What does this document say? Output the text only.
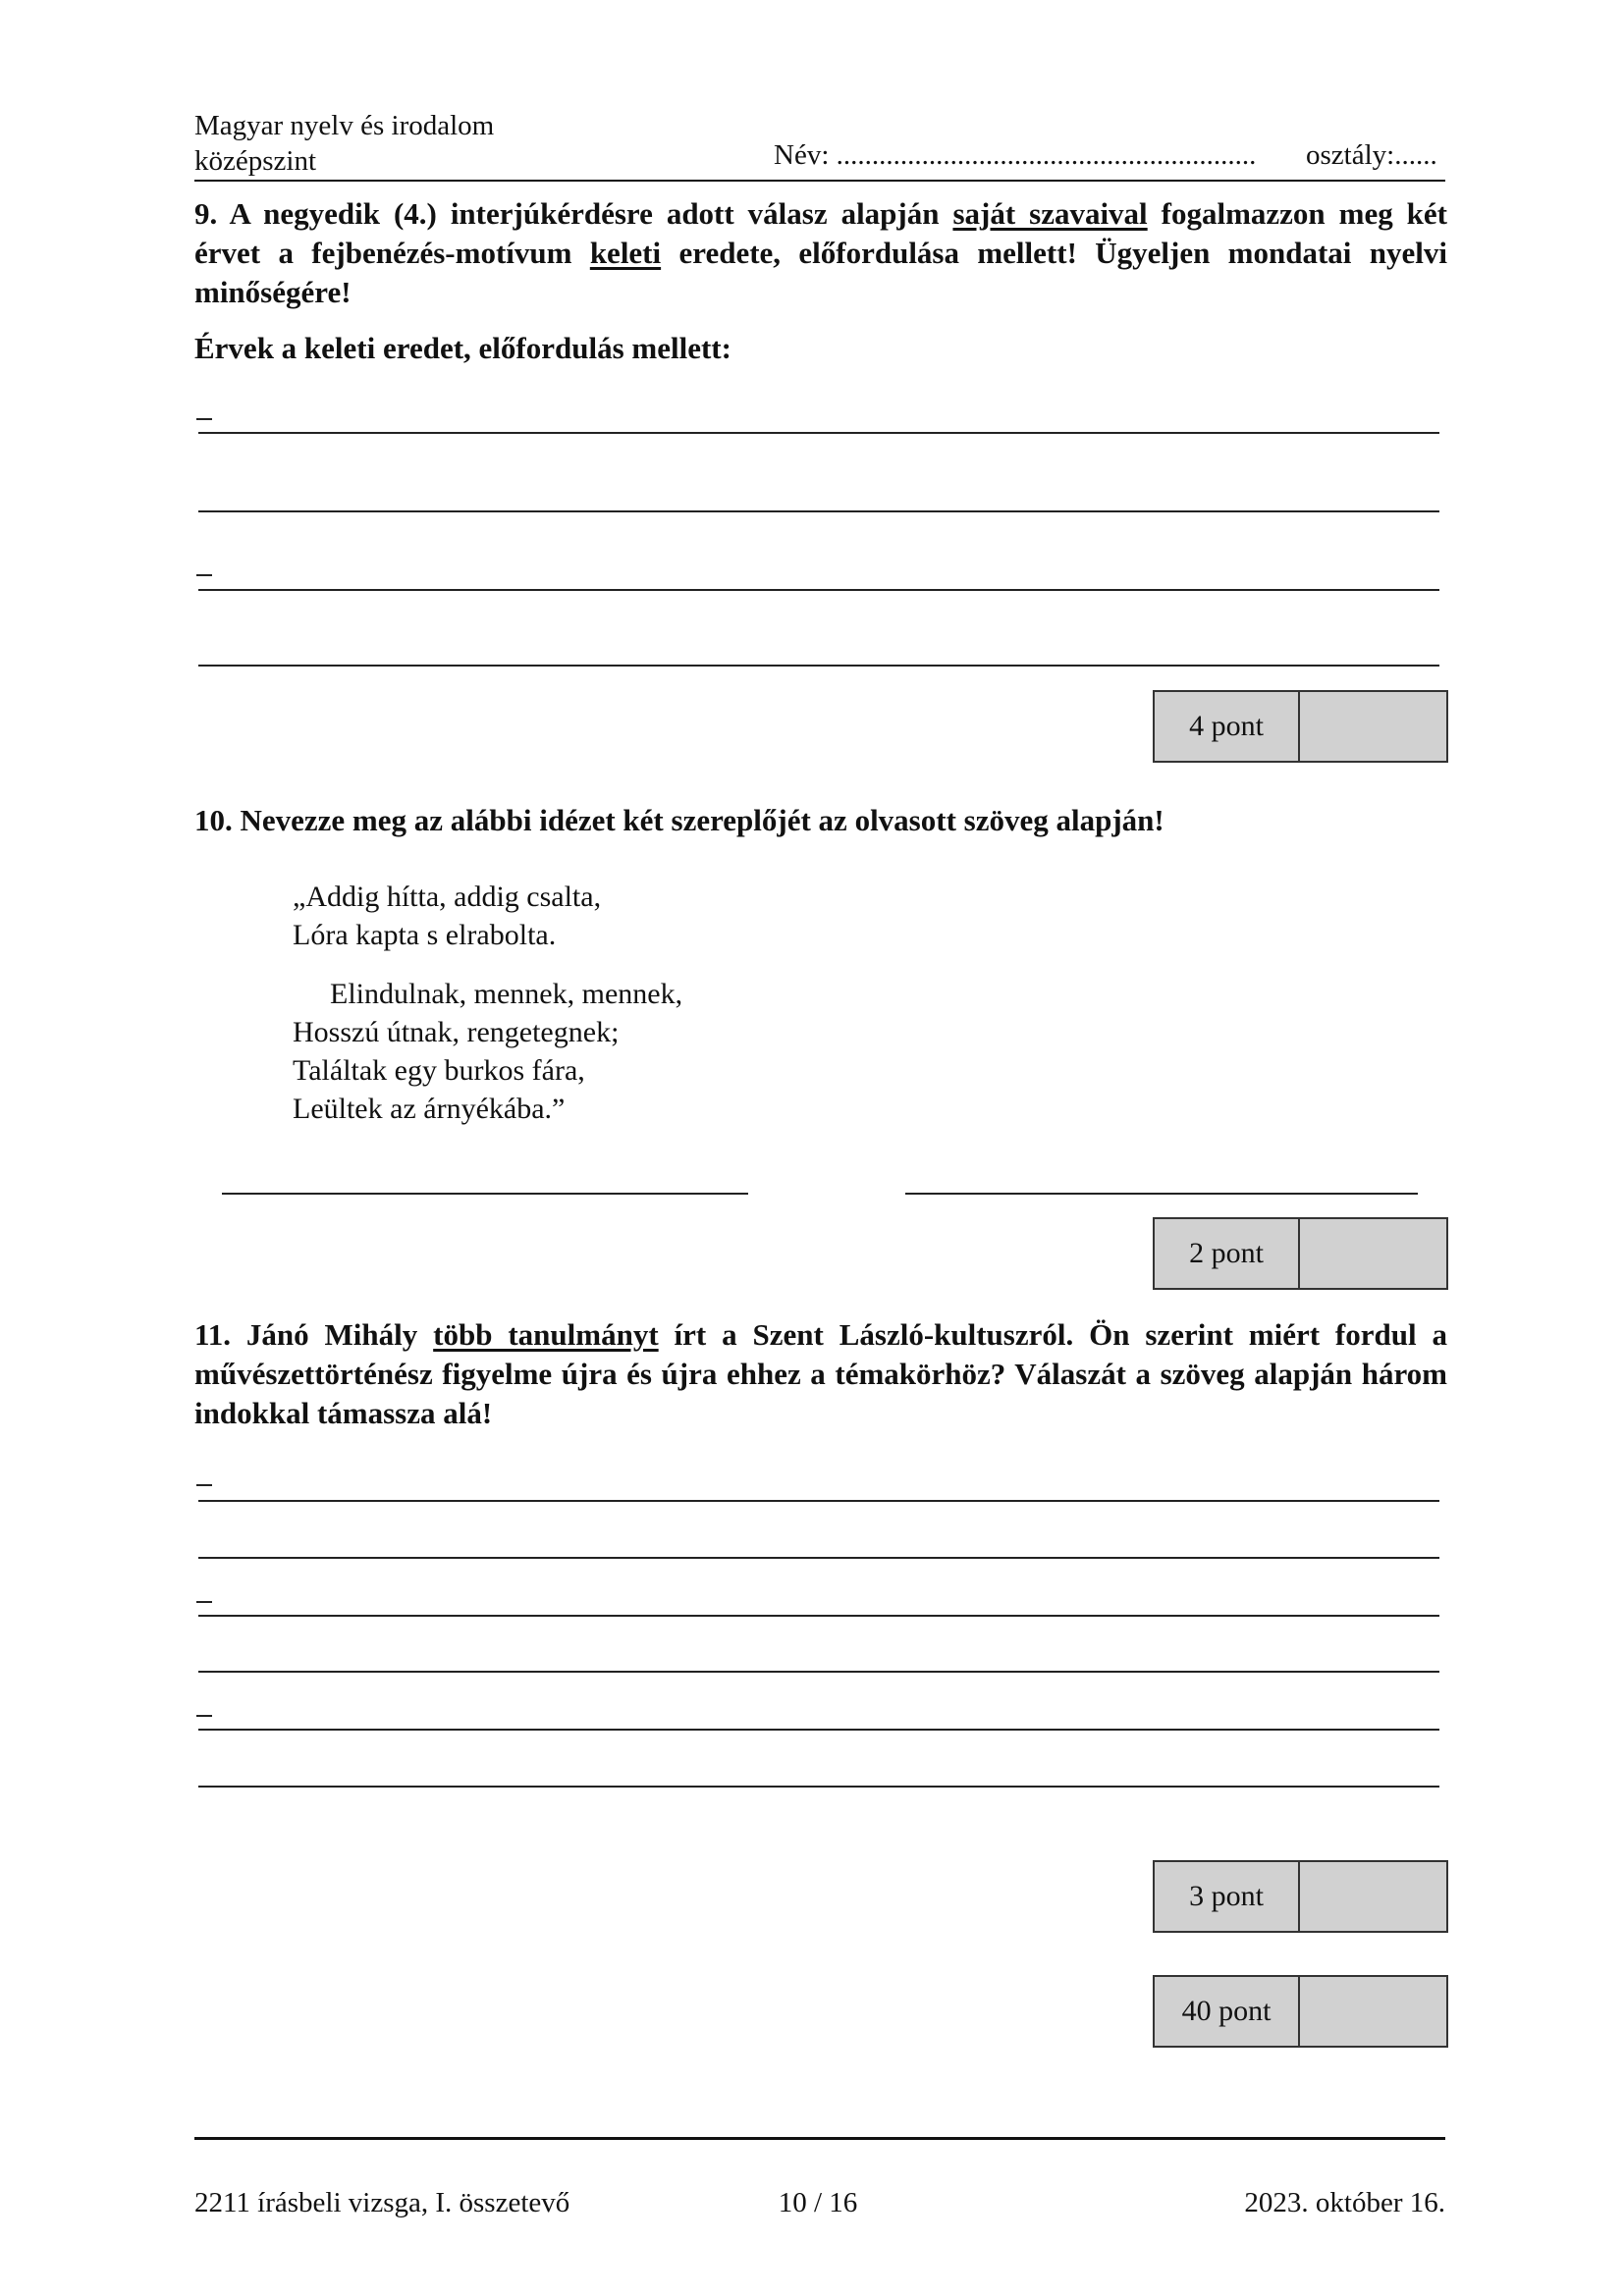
Magyar nyelv és irodalom
középszint	Név: ........................................................... osztály:......
9. A negyedik (4.) interjúkérdésre adott válasz alapján saját szavaival fogalmazzon meg két érvet a fejbenézés-motívum keleti eredete, előfordulása mellett! Ügyeljen mondatai nyelvi minőségére!
Érvek a keleti eredet, előfordulás mellett:
4 pont
10. Nevezze meg az alábbi idézet két szereplőjét az olvasott szöveg alapján!
„Addig hítta, addig csalta,
Lóra kapta s elrabolta.
Elindulnak, mennek, mennek,
Hosszú útnak, rengetegnek;
Találtak egy burkos fára,
Leültek az árnyékába.”
2 pont
11. Jánó Mihály több tanulmányt írt a Szent László-kultuszról. Ön szerint miért fordul a művészettörténész figyelme újra és újra ehhez a témakörhöz? Válaszát a szöveg alapján három indokkal támassza alá!
3 pont
40 pont
2211 írásbeli vizsga, I. összetevő	10 / 16	2023. október 16.
